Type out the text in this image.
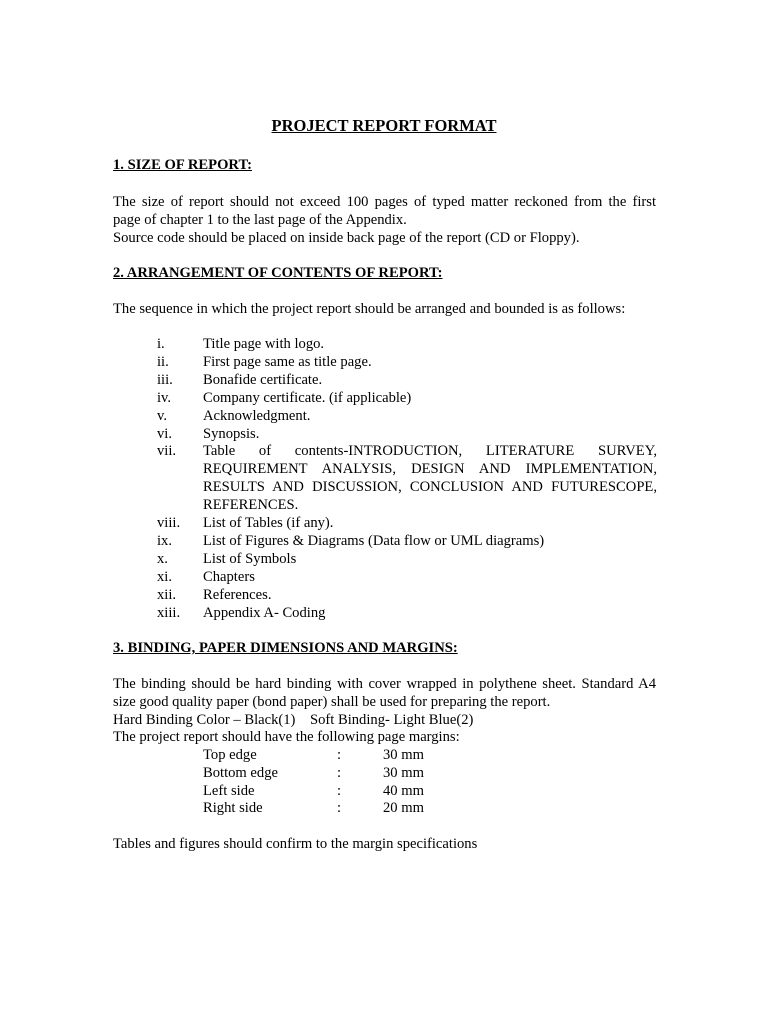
PROJECT REPORT FORMAT
1. SIZE OF REPORT:
The size of report should not exceed 100 pages of typed matter reckoned from the first
page of chapter 1 to the last page of the Appendix.
Source code should be placed on inside back page of the report (CD or Floppy).
2. ARRANGEMENT OF CONTENTS OF REPORT:
The sequence in which the project report should be arranged and bounded is as follows:
i.	Title page with logo.
ii. First page same as title page.
iii. Bonafide certificate.
iv. Company certificate. (if applicable)
v. Acknowledgment.
vi. Synopsis.
vii. Table of contents-INTRODUCTION, LITERATURE SURVEY,
REQUIREMENT ANALYSIS, DESIGN AND IMPLEMENTATION,
RESULTS AND DISCUSSION, CONCLUSION AND FUTURESCOPE,
REFERENCES.
viii. List of Tables (if any).
ix. List of Figures & Diagrams (Data flow or UML diagrams)
x. List of Symbols
xi. Chapters
xii. References.
xiii. Appendix A- Coding
3. BINDING, PAPER DIMENSIONS AND MARGINS:
The binding should be hard binding with cover wrapped in polythene sheet. Standard A4
size good quality paper (bond paper) shall be used for preparing the report.
Hard Binding Color – Black(1)    Soft Binding- Light Blue(2)
The project report should have the following page margins:
Top edge	:	30 mm
Bottom edge	:	30 mm
Left side	:	40 mm
Right side	:	20 mm
Tables and figures should confirm to the margin specifications
